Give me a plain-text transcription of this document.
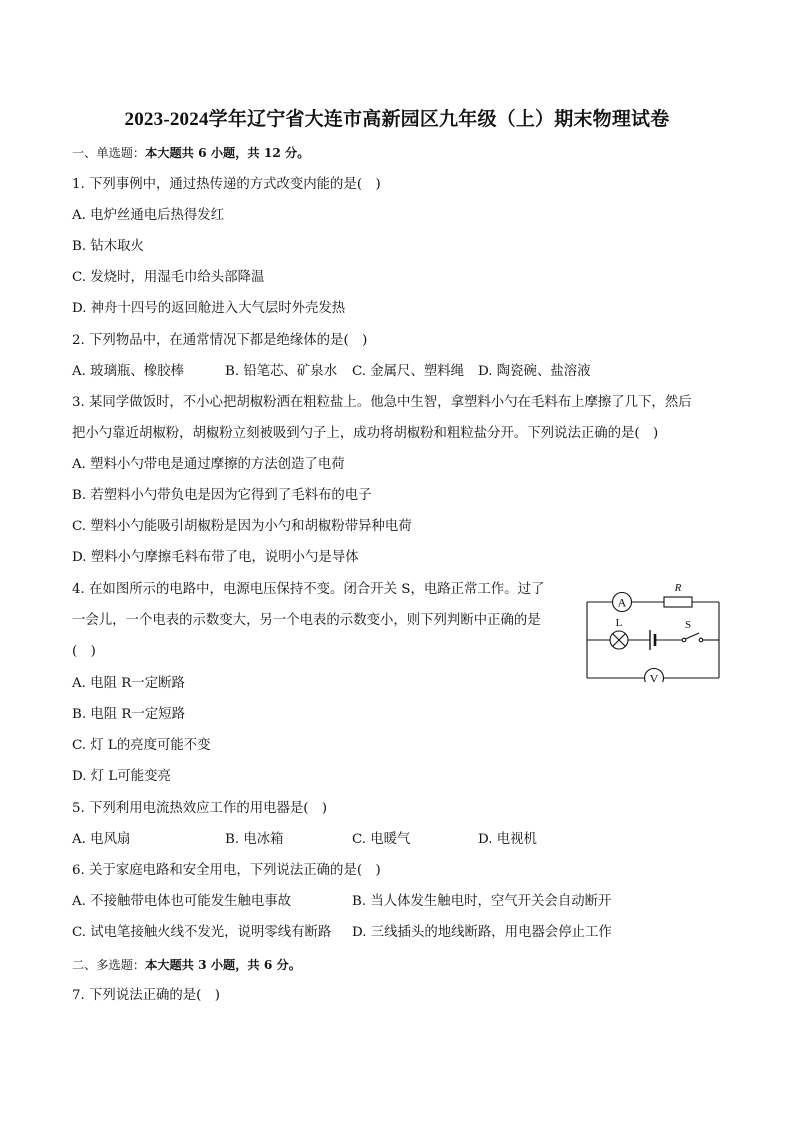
2023-2024学年辽宁省大连市高新园区九年级（上）期末物理试卷
一、单选题：本大题共 6 小题，共 12 分。
1. 下列事例中，通过热传递的方式改变内能的是(　)
A. 电炉丝通电后热得发红
B. 钻木取火
C. 发烧时，用湿毛巾给头部降温
D. 神舟十四号的返回舱进入大气层时外壳发热
2. 下列物品中，在通常情况下都是绝缘体的是(　)
A. 玻璃瓶、橡胶棒	B. 铅笔芯、矿泉水 C. 金属尺、塑料绳 D. 陶瓷碗、盐溶液
3. 某同学做饭时，不小心把胡椒粉洒在粗粒盐上。他急中生智，拿塑料小勺在毛料布上摩擦了几下，然后
把小勺靠近胡椒粉，胡椒粉立刻被吸到勺子上，成功将胡椒粉和粗粒盐分开。下列说法正确的是(　)
A. 塑料小勺带电是通过摩擦的方法创造了电荷
B. 若塑料小勺带负电是因为它得到了毛料布的电子
C. 塑料小勺能吸引胡椒粉是因为小勺和胡椒粉带异种电荷
D. 塑料小勺摩擦毛料布带了电，说明小勺是导体
4. 在如图所示的电路中，电源电压保持不变。闭合开关 S，电路正常工作。过了
一会儿，一个电表的示数变大，另一个电表的示数变小，则下列判断中正确的是
(　)
A. 电阻 R一定断路
B. 电阻 R一定短路
C. 灯 L的亮度可能不变
D. 灯 L可能变亮
A
R
L	S
V
5. 下列利用电流热效应工作的用电器是(　)
A. 电风扇	B. 电冰箱	C. 电暖气	D. 电视机
6. 关于家庭电路和安全用电，下列说法正确的是(　)
A. 不接触带电体也可能发生触电事故	B. 当人体发生触电时，空气开关会自动断开
C. 试电笔接触火线不发光，说明零线有断路 D. 三线插头的地线断路，用电器会停止工作
二、多选题：本大题共 3 小题，共 6 分。
7. 下列说法正确的是(　)
